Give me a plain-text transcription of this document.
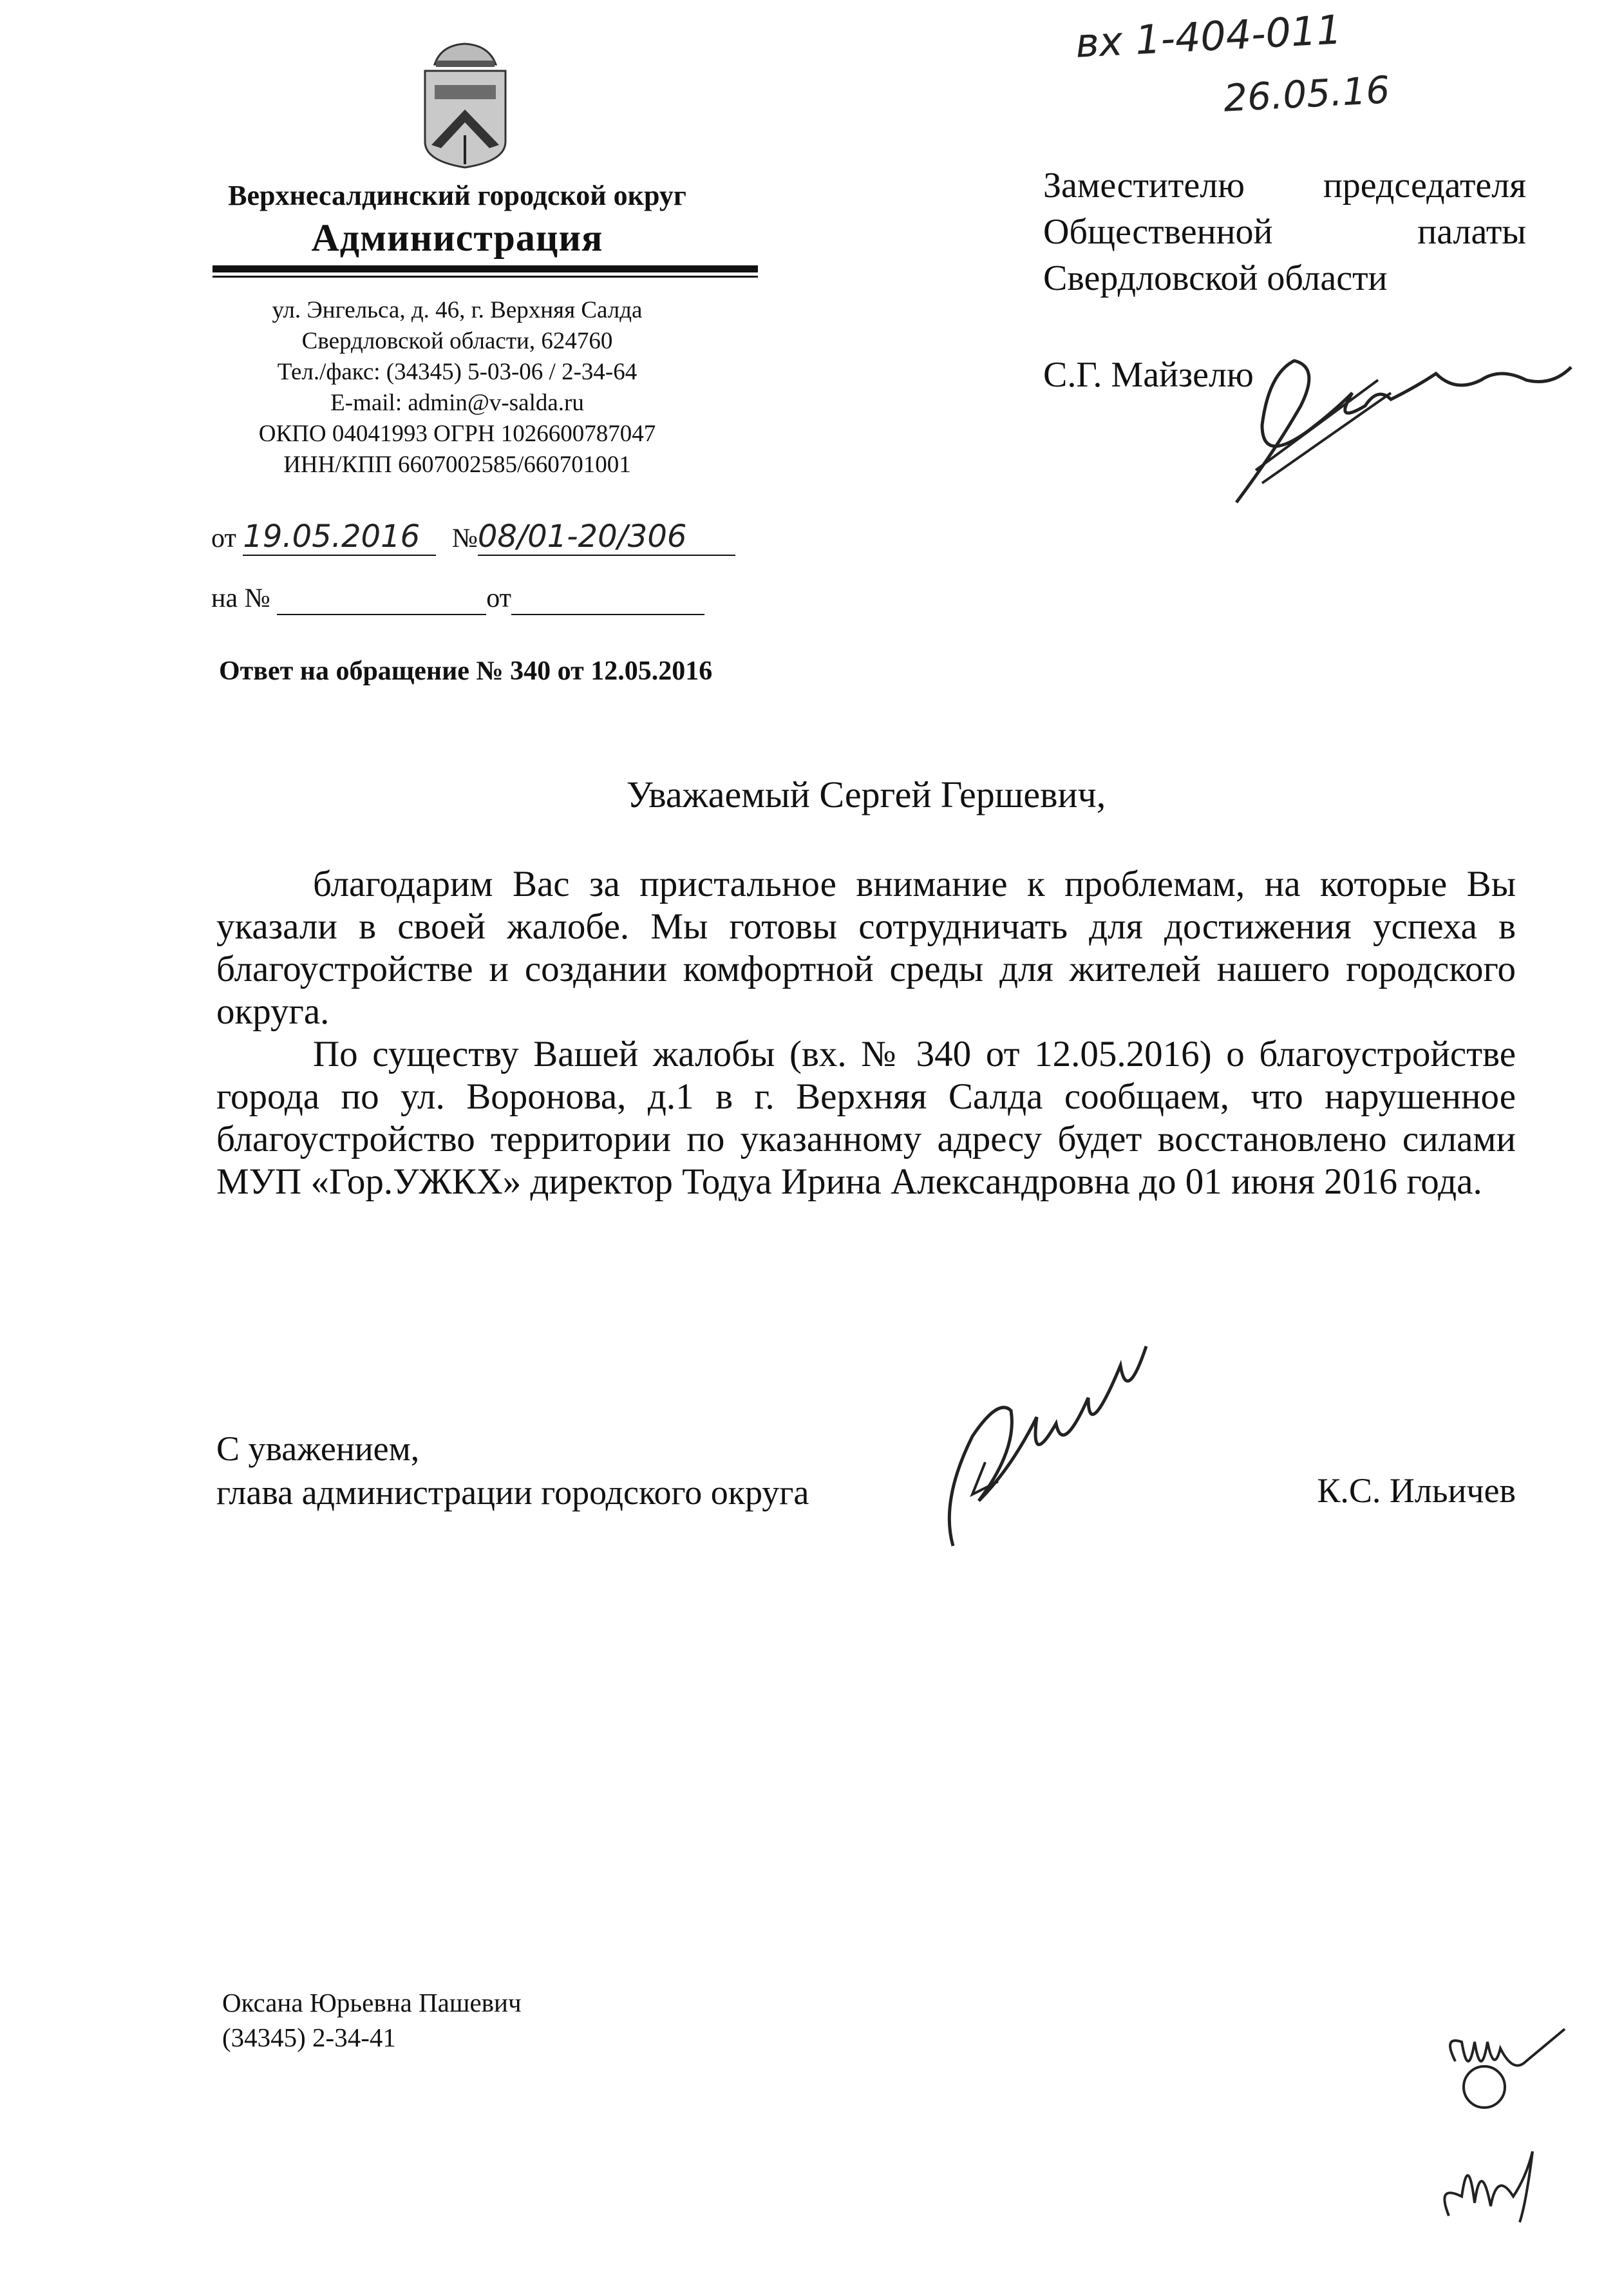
вх 1-404-011
26.05.16
Верхнесалдинский городской округ
Администрация
ул. Энгельса, д. 46, г. Верхняя Салда
Свердловской области, 624760
Тел./факс: (34345) 5-03-06 / 2-34-64
E-mail: admin@v-salda.ru
ОКПО 04041993 ОГРН 1026600787047
ИНН/КПП 6607002585/660701001
от 19.05.2016 №08/01-20/306
на №	от
Ответ на обращение № 340 от 12.05.2016
Заместителю председателя
Общественной	палаты
Свердловской области
С.Г. Майзелю
Уважаемый Сергей Гершевич,

благодарим Вас за пристальное внимание к проблемам, на которые Вы указали в своей жалобе. Мы готовы сотрудничать для достижения успеха в благоустройстве и создании комфортной среды для жителей нашего городского округа.

По существу Вашей жалобы (вх. № 340 от 12.05.2016) о благоустройстве города по ул. Воронова, д.1 в г. Верхняя Салда сообщаем, что нарушенное благоустройство территории по указанному адресу будет восстановлено силами МУП «Гор.УЖКХ» директор Тодуа Ирина Александровна до 01 июня 2016 года.

С уважением,
глава администрации городского округа	К.С. Ильичев
Оксана Юрьевна Пашевич
(34345) 2-34-41
